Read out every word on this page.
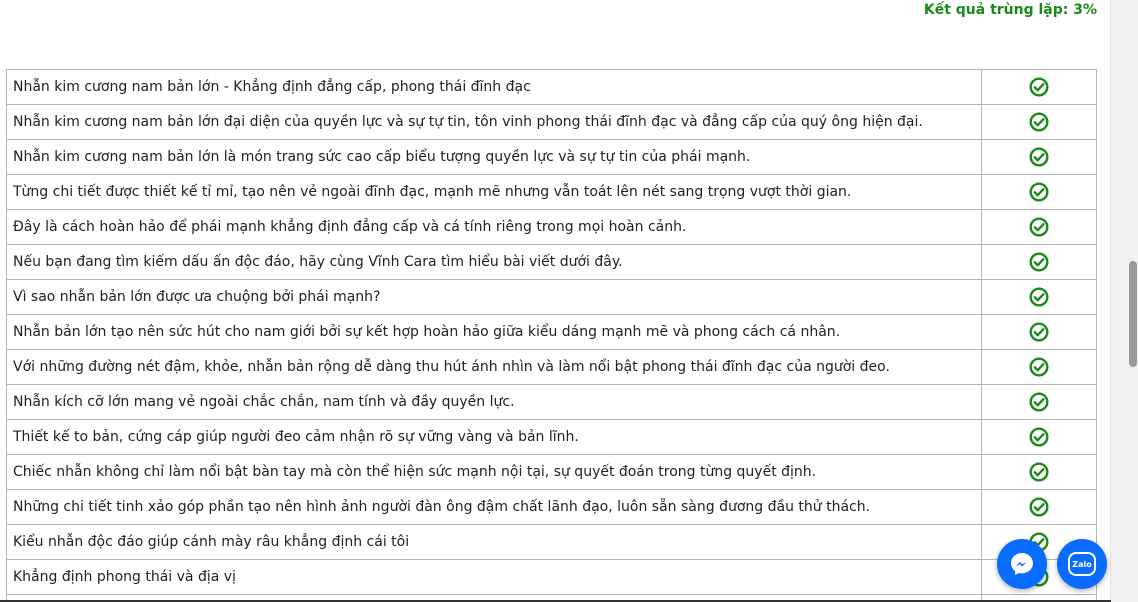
Kết quả trùng lặp: 3%
Nhẫn kim cương nam bản lớn - Khẳng định đẳng cấp, phong thái đĩnh đạc	
Nhẫn kim cương nam bản lớn đại diện của quyền lực và sự tự tin, tôn vinh phong thái đĩnh đạc và đẳng cấp của quý ông hiện đại.	
Nhẫn kim cương nam bản lớn là món trang sức cao cấp biểu tượng quyền lực và sự tự tin của phái mạnh.	
Từng chi tiết được thiết kế tỉ mỉ, tạo nên vẻ ngoài đĩnh đạc, mạnh mẽ nhưng vẫn toát lên nét sang trọng vượt thời gian.	
Đây là cách hoàn hảo để phái mạnh khẳng định đẳng cấp và cá tính riêng trong mọi hoàn cảnh.	
Nếu bạn đang tìm kiếm dấu ấn độc đáo, hãy cùng Vĩnh Cara tìm hiểu bài viết dưới đây.	
Vì sao nhẫn bản lớn được ưa chuộng bởi phái mạnh?	
Nhẫn bản lớn tạo nên sức hút cho nam giới bởi sự kết hợp hoàn hảo giữa kiểu dáng mạnh mẽ và phong cách cá nhân.	
Với những đường nét đậm, khỏe, nhẫn bản rộng dễ dàng thu hút ánh nhìn và làm nổi bật phong thái đĩnh đạc của người đeo.	
Nhẫn kích cỡ lớn mang vẻ ngoài chắc chắn, nam tính và đầy quyền lực.	
Thiết kế to bản, cứng cáp giúp người đeo cảm nhận rõ sự vững vàng và bản lĩnh.	
Chiếc nhẫn không chỉ làm nổi bật bàn tay mà còn thể hiện sức mạnh nội tại, sự quyết đoán trong từng quyết định.	
Những chi tiết tinh xảo góp phần tạo nên hình ảnh người đàn ông đậm chất lãnh đạo, luôn sẵn sàng đương đầu thử thách.	
Kiểu nhẫn độc đáo giúp cánh mày râu khẳng định cái tôi	
Khẳng định phong thái và địa vị	

Zalo
